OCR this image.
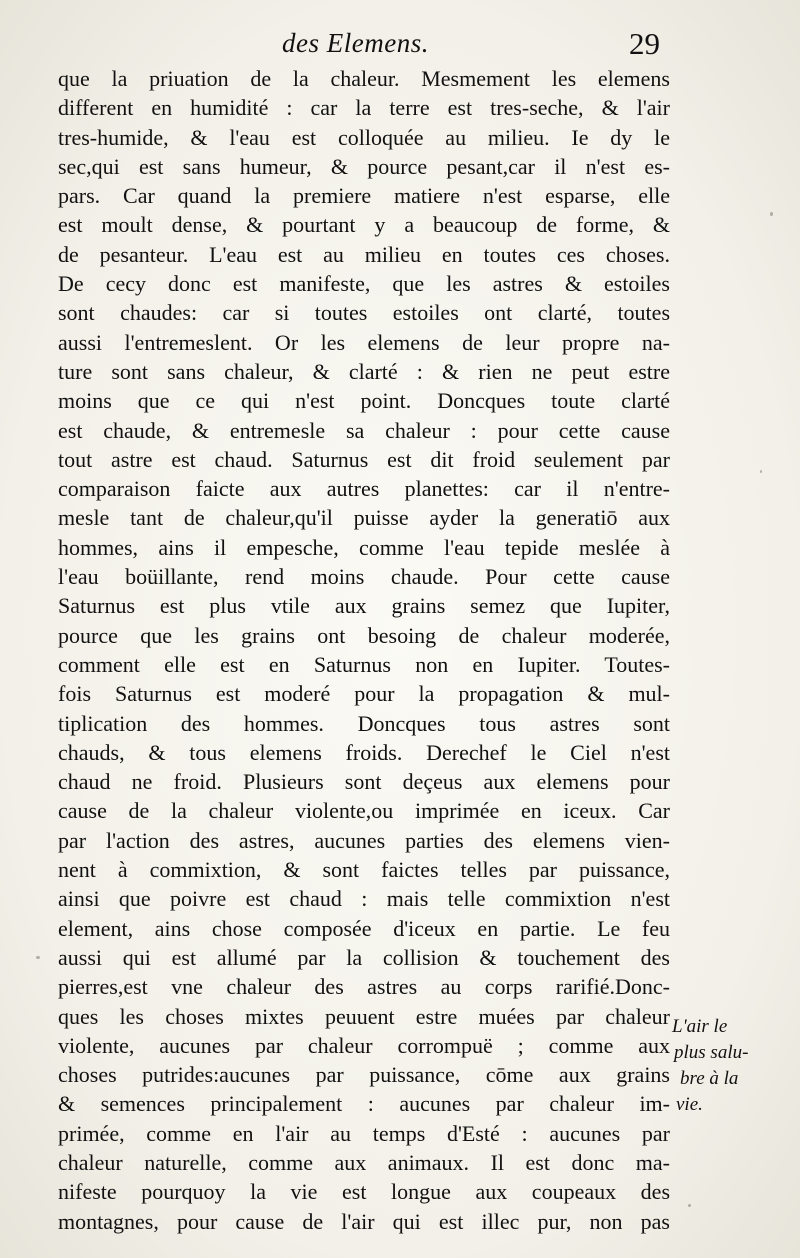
des Elemens.	29
que la priuation de la chaleur. Mesmement les elemens
different en humidité : car la terre est tres-seche, & l'air
tres-humide, & l'eau est colloquée au milieu. Ie dy le
sec,qui est sans humeur, & pource pesant,car il n'est es-
pars. Car quand la premiere matiere n'est esparse, elle
est moult dense, & pourtant y a beaucoup de forme, &
de pesanteur. L'eau est au milieu en toutes ces choses.
De cecy donc est manifeste, que les astres & estoiles
sont chaudes: car si toutes estoiles ont clarté, toutes
aussi l'entremeslent. Or les elemens de leur propre na-
ture sont sans chaleur, & clarté : & rien ne peut estre
moins que ce qui n'est point. Doncques toute clarté
est chaude, & entremesle sa chaleur : pour cette cause
tout astre est chaud. Saturnus est dit froid seulement par
comparaison faicte aux autres planettes: car il n'entre-
mesle tant de chaleur,qu'il puisse ayder la generatiō aux
hommes, ains il empesche, comme l'eau tepide meslée à
l'eau boüillante, rend moins chaude. Pour cette cause
Saturnus est plus vtile aux grains semez que Iupiter,
pource que les grains ont besoing de chaleur moderée,
comment elle est en Saturnus non en Iupiter. Toutes-
fois Saturnus est moderé pour la propagation & mul-
tiplication des hommes. Doncques tous astres sont
chauds, & tous elemens froids. Derechef le Ciel n'est
chaud ne froid. Plusieurs sont deçeus aux elemens pour
cause de la chaleur violente,ou imprimée en iceux. Car
par l'action des astres, aucunes parties des elemens vien-
nent à commixtion, & sont faictes telles par puissance,
ainsi que poivre est chaud : mais telle commixtion n'est
element, ains chose composée d'iceux en partie. Le feu
aussi qui est allumé par la collision & touchement des
pierres,est vne chaleur des astres au corps rarifié.Donc-
ques les choses mixtes peuuent estre muées par chaleur
violente, aucunes par chaleur corrompuë ; comme aux
choses putrides:aucunes par puissance, cōme aux grains
& semences principalement : aucunes par chaleur im-
primée, comme en l'air au temps d'Esté : aucunes par
chaleur naturelle, comme aux animaux. Il est donc ma-
nifeste pourquoy la vie est longue aux coupeaux des
montagnes, pour cause de l'air qui est illec pur, non pas
L'air le
plus salu-
bre à la
vie.
